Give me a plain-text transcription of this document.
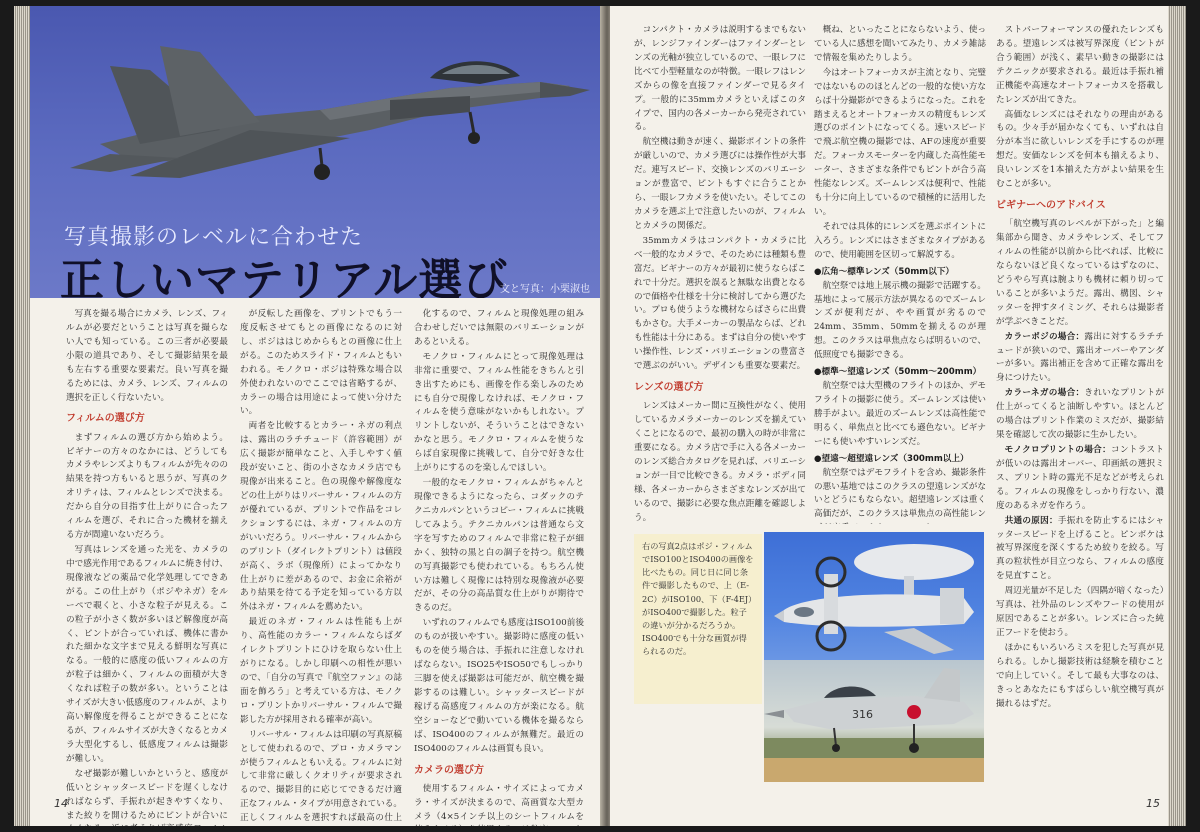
写真撮影のレベルに合わせた
正しいマテリアル選び
文と写真：小栗淑也

写真を撮る場合にカメラ、レンズ、フィルムが必要だということは写真を撮らない人でも知っている。この三者が必要最小限の道具であり、そして撮影結果を最も左右する重要な要素だ。良い写真を撮るためには、カメラ、レンズ、フィルムの選択を正しく行ないたい。

フィルムの選び方

まずフィルムの選び方から始めよう。ビギナーの方々のなかには、どうしてもカメラやレンズよりもフィルムが先々のの結果を持つ方もいると思うが、写真のクオリティは、フィルムとレンズで決まる。だから自分の目指す仕上がりに合ったフィルムを選び、それに合った機材を揃える方が間違いないだろう。

写真はレンズを通った光を、カメラの中で感光作用であるフィルムに焼き付け、現像液などの薬品で化学処理してできあがる。この仕上がり（ポジやネガ）をルーペで覗くと、小さな粒子が見える。この粒子が小さく数が多いほど解像度が高く、ピントが合っていれば、機体に書かれた細かな文字まで見える鮮明な写真になる。一般的に感度の低いフィルムの方が粒子は細かく、フィルムの面積が大きくなれば粒子の数が多い。ということはサイズが大きい低感度のフィルムが、より高い解像度を得ることができることになるが、フィルムサイズが大きくなるとカメラ大型化するし、低感度フィルムは撮影が難しい。

なぜ撮影が難しいかというと、感度が低いとシャッタースピードを遅くしなければならず、手振れが起きやすくなり、また絞りを開けるためにピントが合いに

が反転した画像を、プリントでもう一度反転させてもとの画像になるのに対し、ポジははじめからもとの画像に仕上がる。このためスライド・フィルムともいわれる。モノクロ・ポジは特殊な場合以外使われないのでここでは省略するが、カラーの場合は用途によって使い分けたい。

両者を比較するとカラー・ネガの利点は、露出のラチチュード（許容範囲）が広く撮影が簡単なこと、入手しやすく値段が安いこと、街の小さなカメラ店でも現像が出来ること。色の現像や解像度などの仕上がりはリバーサル・フィルムの方が優れているが、プリントで作品をコレクションするには、ネガ・フィルムの方がいいだろう。リバーサル・フィルムからのプリント（ダイレクトプリント）は値段が高く、ラボ（現像所）によってかなり仕上がりに差があるので、お金に余裕があり結果を待てる予定を知っている方以外はネガ・フィルムを薦めたい。

最近のネガ・フィルムは性能も上がり、高性能のカラー・フィルムならばダイレクトプリントにひけを取らない仕上がりになる。しかし印刷への相性が悪いので、「自分の写真で『航空ファン』の誌面を飾ろう」と考えている方は、モノクロ・プリントかリバーサル・フィルムで撮影した方が採用される確率が高い。

リバーサル・フィルムは印刷の写真原稿として使われるので、プロ・カメラマンが使うフィルムともいえる。フィルムに対して非常に厳しくクオリティが要求されるので、撮影目的に応じてできるだけ適正なフィルム・タイプが用意されている。正しくフィルムを選択すれば最高の仕上

化するので、フィルムと現像処理の組み合わせしだいでは無限のバリエーションがあるといえる。

モノクロ・フィルムにとって現像処理は非常に重要で、フィルム性能をきちんと引き出すためにも、画像を作る楽しみのためにも自分で現像しなければ、モノクロ・フィルムを使う意味がないかもしれない。プリントしないが、そういうことはできないかなと思う。モノクロ・フィルムを使うならば自家現像に挑戦して、自分で好きな仕上がりにするのを楽しんでほしい。

一般的なモノクロ・フィルムがちゃんと現像できるようになったら、コダックのテクニカルパンというコピー・フィルムに挑戦してみよう。テクニカルパンは普通なら文字を写すためのフィルムで非常に粒子が細かく、独特の黒と白の調子を持つ。航空機の写真撮影でも使われている。もちろん使い方は難しく現像には特別な現像液が必要だが、その分の高品質な仕上がりが期待できるのだ。

いずれのフィルムでも感度はISO100前後のものが扱いやすい。撮影時に感度の低いものを使う場合は、手振れに注意しなければならない。ISO25やISO50でもしっかり三脚を使えば撮影は可能だが、航空機を撮影するのは難しい。シャッタースピードが稼げる高感度フィルムの方が楽になる。航空ショーなどで動いている機体を撮るならば、ISO400のフィルムが無難だ。最近のISO400のフィルムは画質も良い。

カメラの選び方

使用するフィルム・サイズによってカメラ・サイズが決まるので、高画質な大型カメラ（4×5インチ以上のシートフィルムを

14

コンパクト・カメラは説明するまでもないが、レンジファインダーはファインダーとレンズの光軸が独立しているので、一眼レフに比べて小型軽量なのが特徴。一眼レフはレンズからの像を直接ファインダーで見るタイプ。一般的に35mmカメラといえばこのタイプで、国内の各メーカーから発売されている。

航空機は動きが速く、撮影ポイントの条件が厳しいので、カメラ選びには操作性が大事だ。連写スピード、交換レンズのバリエーションが豊富で、ピントもすぐに合うことから、一眼レフカメラを使いたい。そしてこのカメラを選ぶ上で注意したいのが、フィルムとカメラの関係だ。

35mmカメラはコンパクト・カメラに比べ一般的なカメラで、そのためには種類も豊富だ。ビギナーの方々が最初に使うならばこれで十分だ。選択を誤ると無駄な出費となるので価格や仕様を十分に検討してから選びたい。プロも使うような機材ならばさらに出費もかさむ。大手メーカーの製品ならば、どれも性能は十分にある。まずは自分の使いやすい操作性、レンズ・バリエーションの豊富さで選ぶのがいい。デザインも重要な要素だ。

レンズの選び方

レンズはメーカー間に互換性がなく、使用しているカメラメーカーのレンズを揃えていくことになるので、最初の購入の時が非常に重要になる。カメラ店で手に入る各メーカーのレンズ総合カタログを見れば、バリエーションが一目で比較できる。カメラ・ボディ同様、各メーカーからさまざまなレンズが出ているので、撮影に必要な焦点距離を確認しよう。

概ね、といったことにならないよう、使っている人に感想を聞いてみたり、カメラ雑誌で情報を集めたりしよう。

今はオートフォーカスが主流となり、完璧ではないもののほとんどの一般的な使い方ならば十分撮影ができるようになった。これを踏まえるとオートフォーカスの精度もレンズ選びのポイントになってくる。速いスピードで飛ぶ航空機の撮影では、AFの速度が重要だ。フォーカスモーターを内蔵した高性能モーター、さまざまな条件でもピントが合う高性能なレンズ。ズームレンズは便利で、性能も十分に向上しているので積極的に活用したい。

それでは具体的にレンズを選ぶポイントに入ろう。レンズにはさまざまなタイプがあるので、使用範囲を区切って解説する。

●広角～標準レンズ（50mm以下）

航空祭では地上展示機の撮影で活躍する。基地によって展示方法が異なるのでズームレンズが便利だが、やや画質が劣るので24mm、35mm、50mmを揃えるのが理想。このクラスは単焦点ならば明るいので、低照度でも撮影できる。

●標準～望遠レンズ（50mm～200mm）

航空祭では大型機のフライトのほか、デモフライトの撮影に使う。ズームレンズは使い勝手がよい。最近のズームレンズは高性能で明るく、単焦点と比べても遜色ない。ビギナーにも使いやすいレンズだ。

●望遠～超望遠レンズ（300mm以上）

航空祭ではデモフライトを含め、撮影条件の悪い基地ではこのクラスの望遠レンズがないとどうにもならない。超望遠レンズは重く高価だが、このクラスは単焦点の高性能レン

ストバーフォーマンスの優れたレンズもある。望遠レンズは被写界深度（ピントが合う範囲）が浅く、素早い動きの撮影にはテクニックが要求される。最近は手振れ補正機能や高速なオートフォーカスを搭載したレンズが出てきた。

高価なレンズにはそれなりの理由があるもの。少々手が届かなくても、いずれは自分が本当に欲しいレンズを手にするのが理想だ。安価なレンズを何本も揃えるより、良いレンズを1本揃えた方がよい結果を生むことが多い。

ビギナーへのアドバイス

「航空機写真のレベルが下がった」と編集部から聞き、カメラやレンズ、そしてフィルムの性能が以前から比べれば、比較にならないほど良くなっているはずなのに、どうやら写真は腕よりも機材に頼り切っていることが多いようだ。露出、構図、シャッターを押すタイミング、それらは撮影者が学ぶべきことだ。

カラーポジの場合：露出に対するラチチュードが狭いので、露出オーバーやアンダーが多い。露出補正を含めて正確な露出を身につけたい。

カラーネガの場合：きれいなプリントが仕上がってくると油断しやすい。ほとんどの場合はプリント作業のミスだが、撮影結果を確認して次の撮影に生かしたい。

モノクロプリントの場合：コントラストが低いのは露出オーバー、印画紙の選択ミス、プリント時の露光不足などが考えられる。フィルムの現像をしっかり行ない、濃度のあるネガを作ろう。

共通の原因：手振れを防止するにはシャッタースピードを上げること。ピンボケは被写界深度を深くするため絞りを絞る。写真の粒状性が目立つなら、フィルムの感度を見直すこと。

周辺光量が不足した（四隅が暗くなった）写真は、社外品のレンズやフードの使用が原因であることが多い。レンズに合った純正フードを使おう。

ほかにもいろいろミスを犯した写真が見られる。しかし撮影技術は経験を積むことで向上していく。そして最も大事なのは、きっとあなたにもすばらしい航空機写真が撮れるはずだ。

右の写真2点はポジ・フィルムでISO100とISO400の画像を比べたもの。同じ日に同じ条件で撮影したもので、上（E-2C）がISO100、下（F-4EJ）がISO400で撮影した。粒子の違いが分かるだろうか。ISO400でも十分な画質が得られるのだ。
316
15
